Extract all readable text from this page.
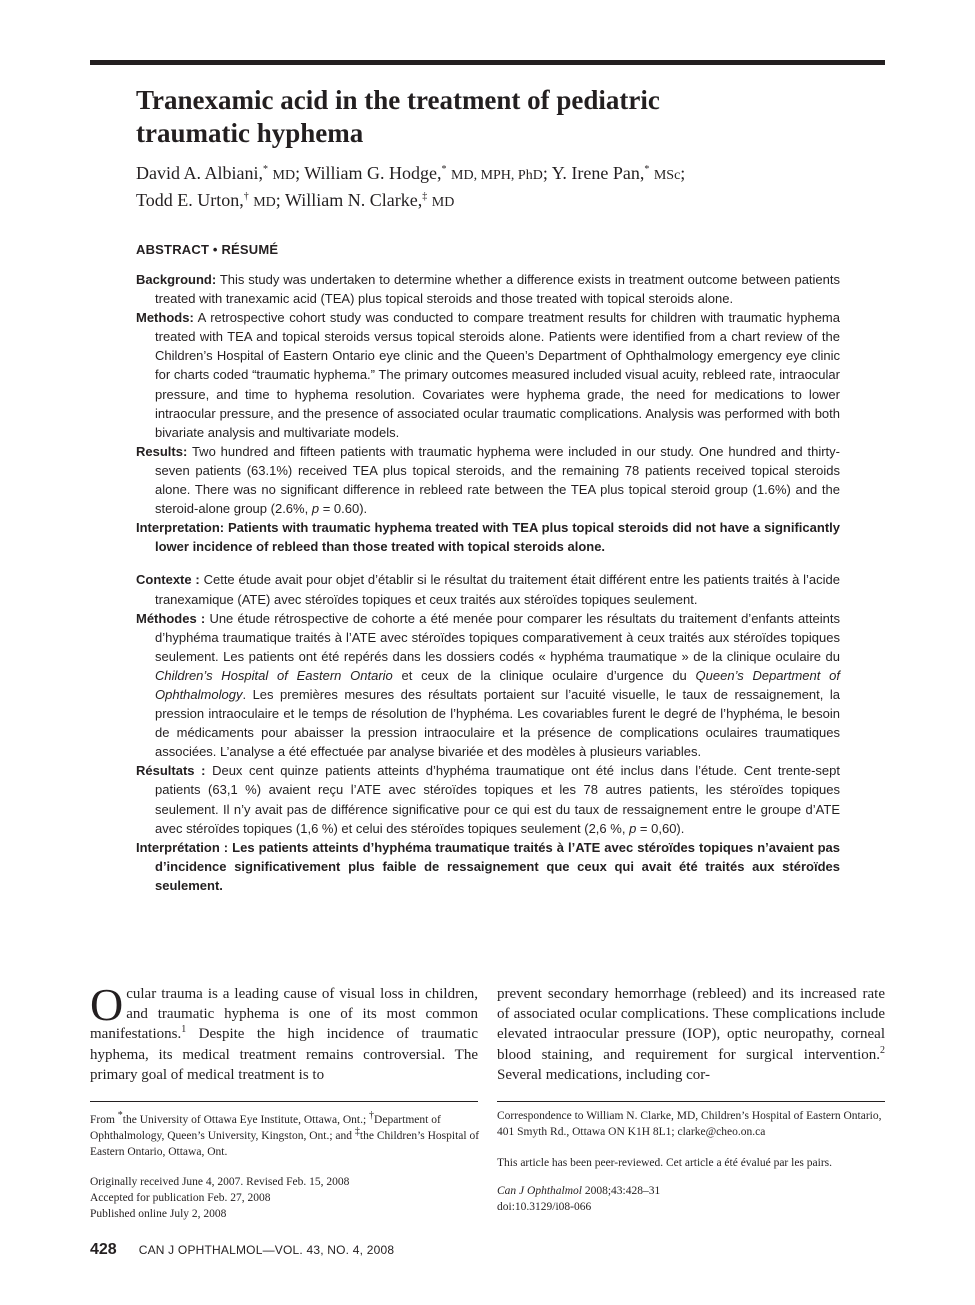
Tranexamic acid in the treatment of pediatric
traumatic hyphema
David A. Albiani,* MD; William G. Hodge,* MD, MPH, PhD; Y. Irene Pan,* MSc;
Todd E. Urton,† MD; William N. Clarke,‡ MD
ABSTRACT • RÉSUMÉ

Background: This study was undertaken to determine whether a difference exists in treatment outcome between patients treated with tranexamic acid (TEA) plus topical steroids and those treated with topical steroids alone.

Methods: A retrospective cohort study was conducted to compare treatment results for children with traumatic hyphema treated with TEA and topical steroids versus topical steroids alone. Patients were identified from a chart review of the Children’s Hospital of Eastern Ontario eye clinic and the Queen’s Department of Ophthalmology emergency eye clinic for charts coded “traumatic hyphema.” The primary outcomes measured included visual acuity, rebleed rate, intraocular pressure, and time to hyphema resolution. Covariates were hyphema grade, the need for medications to lower intraocular pressure, and the presence of associated ocular traumatic complications. Analysis was performed with both bivariate analysis and multivariate models.

Results: Two hundred and fifteen patients with traumatic hyphema were included in our study. One hundred and thirty-seven patients (63.1%) received TEA plus topical steroids, and the remaining 78 patients received topical steroids alone. There was no significant difference in rebleed rate between the TEA plus topical steroid group (1.6%) and the steroid-alone group (2.6%, p = 0.60).

Interpretation: Patients with traumatic hyphema treated with TEA plus topical steroids did not have a significantly lower incidence of rebleed than those treated with topical steroids alone.

Contexte : Cette étude avait pour objet d’établir si le résultat du traitement était différent entre les patients traités à l’acide tranexamique (ATE) avec stéroïdes topiques et ceux traités aux stéroïdes topiques seulement.

Méthodes : Une étude rétrospective de cohorte a été menée pour comparer les résultats du traitement d’enfants atteints d’hyphéma traumatique traités à l’ATE avec stéroïdes topiques comparativement à ceux traités aux stéroïdes topiques seulement. Les patients ont été repérés dans les dossiers codés « hyphéma traumatique » de la clinique oculaire du Children’s Hospital of Eastern Ontario et ceux de la clinique oculaire d’urgence du Queen’s Department of Ophthalmology. Les premières mesures des résultats portaient sur l’acuité visuelle, le taux de ressaignement, la pression intraoculaire et le temps de résolution de l’hyphéma. Les covariables furent le degré de l’hyphéma, le besoin de médicaments pour abaisser la pression intraoculaire et la présence de complications oculaires traumatiques associées. L’analyse a été effectuée par analyse bivariée et des modèles à plusieurs variables.

Résultats : Deux cent quinze patients atteints d’hyphéma traumatique ont été inclus dans l’étude. Cent trente-sept patients (63,1 %) avaient reçu l’ATE avec stéroïdes topiques et les 78 autres patients, les stéroïdes topiques seulement. Il n’y avait pas de différence significative pour ce qui est du taux de ressaignement entre le groupe d’ATE avec stéroïdes topiques (1,6 %) et celui des stéroïdes topiques seulement (2,6 %, p = 0,60).

Interprétation : Les patients atteints d’hyphéma traumatique traités à l’ATE avec stéroïdes topiques n’avaient pas d’incidence significativement plus faible de ressaignement que ceux qui avait été traités aux stéroïdes seulement.

Ocular trauma is a leading cause of visual loss in children, and traumatic hyphema is one of its most common manifestations.$^1$ Despite the high incidence of traumatic hyphema, its medical treatment remains controversial. The primary goal of medical treatment is to

prevent secondary hemorrhage (rebleed) and its increased rate of associated ocular complications. These complications include elevated intraocular pressure (IOP), optic neuropathy, corneal blood staining, and requirement for surgical intervention.$^2$ Several medications, including cor-

From *the University of Ottawa Eye Institute, Ottawa, Ont.; †Department of Ophthalmology, Queen’s University, Kingston, Ont.; and ‡the Children’s Hospital of Eastern Ontario, Ottawa, Ont.

Originally received June 4, 2007. Revised Feb. 15, 2008
Accepted for publication Feb. 27, 2008
Published online July 2, 2008

Correspondence to William N. Clarke, MD, Children’s Hospital of Eastern Ontario, 401 Smyth Rd., Ottawa ON K1H 8L1; clarke@cheo.on.ca

This article has been peer-reviewed. Cet article a été évalué par les pairs.

Can J Ophthalmol 2008;43:428–31
doi:10.3129/i08-066

428 CAN J OPHTHALMOL—VOL. 43, NO. 4, 2008
